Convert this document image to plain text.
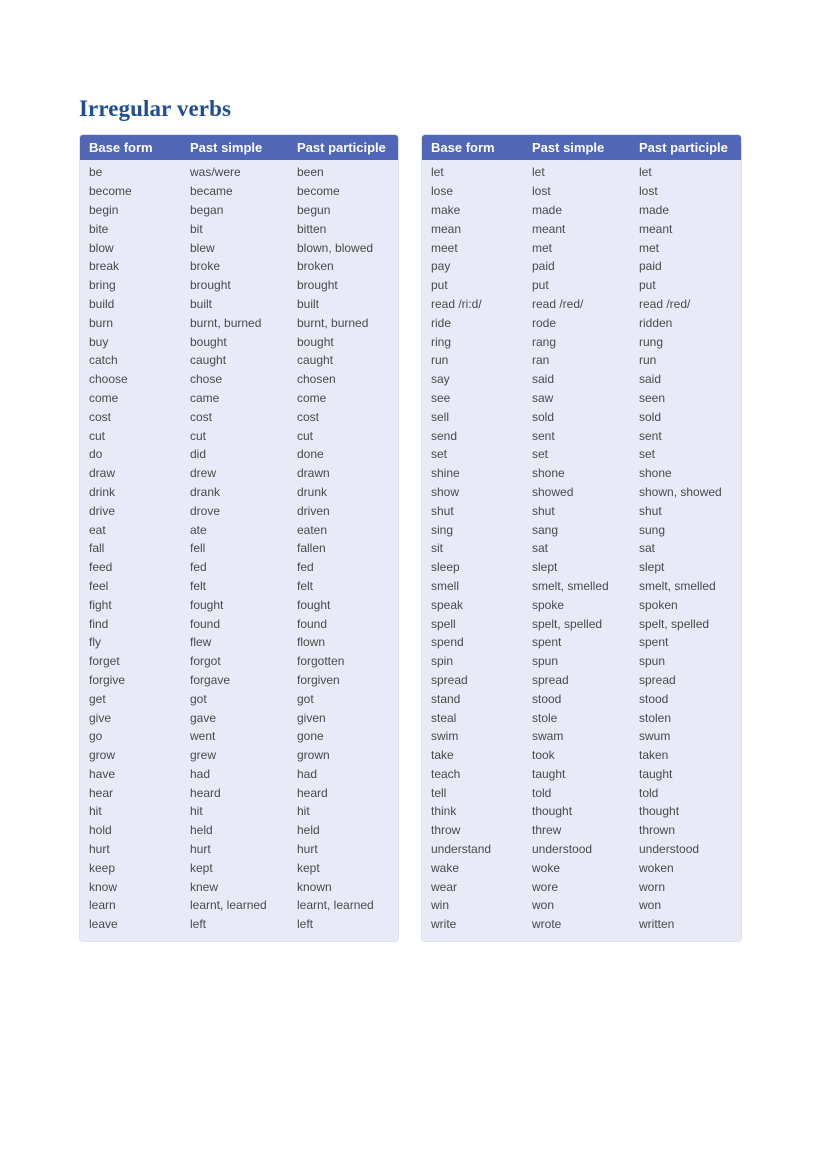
Irregular verbs
Base form	Past simple	Past participle
be	was/were	been
become	became	become
begin	began	begun
bite	bit	bitten
blow	blew	blown, blowed
break	broke	broken
bring	brought	brought
build	built	built
burn	burnt, burned	burnt, burned
buy	bought	bought
catch	caught	caught
choose	chose	chosen
come	came	come
cost	cost	cost
cut	cut	cut
do	did	done
draw	drew	drawn
drink	drank	drunk
drive	drove	driven
eat	ate	eaten
fall	fell	fallen
feed	fed	fed
feel	felt	felt
fight	fought	fought
find	found	found
fly	flew	flown
forget	forgot	forgotten
forgive	forgave	forgiven
get	got	got
give	gave	given
go	went	gone
grow	grew	grown
have	had	had
hear	heard	heard
hit	hit	hit
hold	held	held
hurt	hurt	hurt
keep	kept	kept
know	knew	known
learn	learnt, learned	learnt, learned
leave	left	left
Base form	Past simple	Past participle
let	let	let
lose	lost	lost
make	made	made
mean	meant	meant
meet	met	met
pay	paid	paid
put	put	put
read /ri:d/	read /red/	read /red/
ride	rode	ridden
ring	rang	rung
run	ran	run
say	said	said
see	saw	seen
sell	sold	sold
send	sent	sent
set	set	set
shine	shone	shone
show	showed	shown, showed
shut	shut	shut
sing	sang	sung
sit	sat	sat
sleep	slept	slept
smell	smelt, smelled	smelt, smelled
speak	spoke	spoken
spell	spelt, spelled	spelt, spelled
spend	spent	spent
spin	spun	spun
spread	spread	spread
stand	stood	stood
steal	stole	stolen
swim	swam	swum
take	took	taken
teach	taught	taught
tell	told	told
think	thought	thought
throw	threw	thrown
understand	understood	understood
wake	woke	woken
wear	wore	worn
win	won	won
write	wrote	written
